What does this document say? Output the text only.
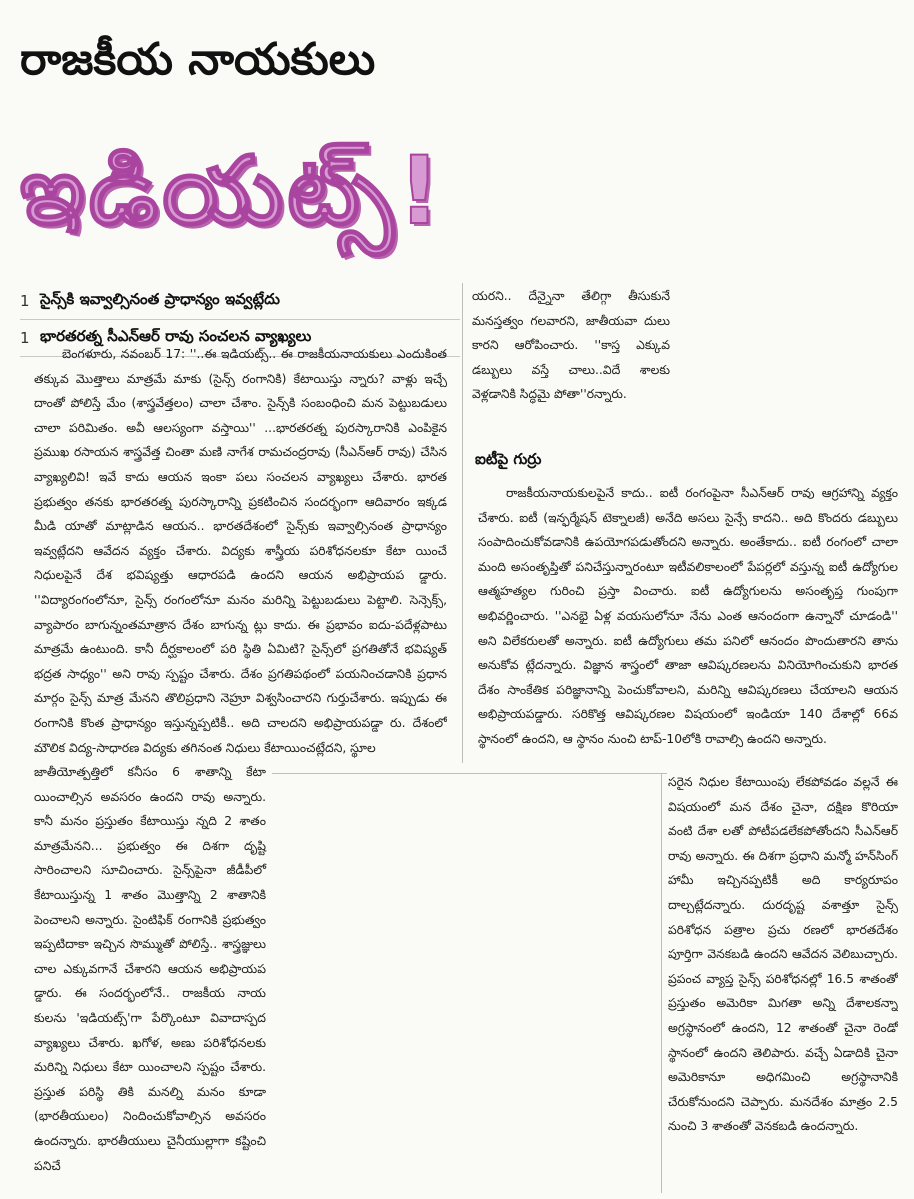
రాజకీయ నాయకులు
ఇడియట్స్!
1 సైన్స్‌కి ఇవ్వాల్సినంత ప్రాధాన్యం ఇవ్వట్లేదు
1 భారతరత్న సీఎన్‌ఆర్ రావు సంచలన వ్యాఖ్యలు

బెంగళూరు, నవంబర్ 17: ''..ఈ ఇడియట్స్.. ఈ రాజకీయనాయకులు ఎందుకింత తక్కువ మొత్తాలు మాత్రమే మాకు (సైన్స్ రంగానికి) కేటాయిస్తు న్నారు? వాళ్లు ఇచ్చే దాంతో పోలిస్తే మేం (శాస్త్రవేత్తలం) చాలా చేశాం. సైన్స్‌కి సంబంధించి మన పెట్టుబడులు చాలా పరిమితం. అవీ ఆలస్యంగా వస్తాయి'' ...భారతరత్న పురస్కారానికి ఎంపికైన ప్రముఖ రసాయన శాస్త్రవేత్త చింతా మణి నాగేశ రామచంద్రరావు (సీఎన్‌ఆర్ రావు) చేసిన వ్యాఖ్యలివి! ఇవే కాదు ఆయన ఇంకా పలు సంచలన వ్యాఖ్యలు చేశారు. భారత ప్రభుత్వం తనకు భారతరత్న పురస్కారాన్ని ప్రకటించిన సందర్భంగా ఆదివారం ఇక్కడ మీడి యాతో మాట్లాడిన ఆయన.. భారతదేశంలో సైన్స్‌కు ఇవ్వాల్సినంత ప్రాధాన్యం ఇవ్వట్లేదని ఆవేదన వ్యక్తం చేశారు. విద్యకు శాస్త్రీయ పరిశోధనలకూ కేటా యించే నిధులపైనే దేశ భవిష్యత్తు ఆధారపడి ఉందని ఆయన అభిప్రాయప డ్డారు. ''విద్యారంగంలోనూ, సైన్స్ రంగంలోనూ మనం మరిన్ని పెట్టుబడులు పెట్టాలి. సెన్సెక్స్, వ్యాపారం బాగున్నంతమాత్రాన దేశం బాగున్న ట్లు కాదు. ఈ ప్రభావం ఐదు-పదేళ్లపాటు మాత్రమే ఉంటుంది. కానీ దీర్ఘకాలంలో పరి స్థితి ఏమిటి? సైన్స్‌లో ప్రగతితోనే భవిష్యత్ భద్రత సాధ్యం'' అని రావు స్పష్టం చేశారు. దేశం ప్రగతిపథంలో పయనించడానికి ప్రధాన మార్గం సైన్స్ మాత్ర మేనని తొలిప్రధాని నెహ్రూ విశ్వసించారని గుర్తుచేశారు. ఇప్పుడు ఈ రంగానికి కొంత ప్రాధాన్యం ఇస్తున్నప్పటికీ.. అది చాలదని అభిప్రాయపడ్డా రు. దేశంలో మౌలిక విద్య-సాధారణ విద్యకు తగినంత నిధులు కేటాయించట్లేదని, స్థూల

జాతీయోత్పత్తిలో కనీసం 6 శాతాన్ని కేటా యించాల్సిన అవసరం ఉందని రావు అన్నారు. కానీ మనం ప్రస్తుతం కేటాయిస్తు న్నది 2 శాతం మాత్రమేనని... ప్రభుత్వం ఈ దిశగా దృష్టి సారించాలని సూచించారు. సైన్స్‌పైనా జీడీపీలో కేటాయిస్తున్న 1 శాతం మొత్తాన్ని 2 శాతానికి పెంచాలని అన్నారు. సైంటిఫిక్ రంగానికి ప్రభుత్వం ఇప్పటిదాకా ఇచ్చిన సొమ్ముతో పోలిస్తే.. శాస్త్రజ్ఞులు చాల ఎక్కువగానే చేశారని ఆయన అభిప్రాయప డ్డారు. ఈ సందర్భంలోనే.. రాజకీయ నాయ కులను 'ఇడియట్స్'గా పేర్కొంటూ వివాదాస్పద వ్యాఖ్యలు చేశారు. ఖగోళ, అణు పరిశోధనలకు మరిన్ని నిధులు కేటా యించాలని స్పష్టం చేశారు. ప్రస్తుత పరిస్థి తికి మనల్ని మనం కూడా (భారతీయులం) నిందించుకోవాల్సిన అవసరం ఉందన్నారు. భారతీయులు చైనీయుల్లాగా కష్టించి పనిచే

యరని.. దేన్నైనా తేలిగ్గా తీసుకునే మనస్తత్వం గలవారని, జాతీయవా దులు కారని ఆరోపించారు. ''కాస్త ఎక్కువ డబ్బులు వస్తే చాలు..విదే శాలకు వెళ్లడానికి సిద్ధమై పోతా''రన్నారు.

ఐటీపై గుర్రు

రాజకీయనాయకులపైనే కాదు.. ఐటీ రంగంపైనా సీఎన్‌ఆర్ రావు ఆగ్రహాన్ని వ్యక్తం చేశారు. ఐటీ (ఇన్ఫర్మేషన్ టెక్నాలజీ) అనేది అసలు సైన్సే కాదని.. అది కొందరు డబ్బులు సంపాదించుకోవడానికి ఉపయోగపడుతోందని అన్నారు. అంతేకాదు.. ఐటీ రంగంలో చాలా మంది అసంతృప్తితో పనిచేస్తున్నారంటూ ఇటీవలికాలంలో పేపర్లలో వస్తున్న ఐటీ ఉద్యోగుల ఆత్మహత్యల గురించి ప్రస్తా వించారు. ఐటీ ఉద్యోగులను అసంతృప్త గుంపుగా అభివర్ణించారు. ''ఎనభై ఏళ్ల వయసులోనూ నేను ఎంత ఆనందంగా ఉన్నానో చూడండి'' అని విలేకరులతో అన్నారు. ఐటీ ఉద్యోగులు తమ పనిలో ఆనందం పొందుతారని తాను అనుకోవ ట్లేదన్నారు. విజ్ఞాన శాస్త్రంలో తాజా ఆవిష్కరణలను వినియోగించుకుని భారత దేశం సాంకేతిక పరిజ్ఞానాన్ని పెంచుకోవాలని, మరిన్ని ఆవిష్కరణలు చేయాలని ఆయన అభిప్రాయపడ్డారు. సరికొత్త ఆవిష్కరణల విషయంలో ఇండియా 140 దేశాల్లో 66వ స్థానంలో ఉందని, ఆ స్థానం నుంచి టాప్-10లోకి రావాల్సి ఉందని అన్నారు.

సరైన నిధుల కేటాయింపు లేకపోవడం వల్లనే ఈ విషయంలో మన దేశం చైనా, దక్షిణ కొరియా వంటి దేశా లతో పోటీపడలేకపోతోందని సీఎన్‌ఆర్ రావు అన్నారు. ఈ దిశగా ప్రధాని మన్మో హన్‌సింగ్ హామీ ఇచ్చినప్పటికీ అది కార్యరూపం దాల్చట్లేదన్నారు. దురదృష్ట వశాత్తూ సైన్స్ పరిశోధన పత్రాల ప్రచు రణలో భారతదేశం పూర్తిగా వెనకబడి ఉందని ఆవేదన వెలిబుచ్చారు. ప్రపంచ వ్యాప్త సైన్స్ పరిశోధనల్లో 16.5 శాతంతో ప్రస్తుతం అమెరికా మిగతా అన్ని దేశాలకన్నా అగ్రస్థానంలో ఉందని, 12 శాతంతో చైనా రెండో స్థానంలో ఉందని తెలిపారు. వచ్చే ఏడాదికి చైనా అమెరికానూ అధిగమించి అగ్రస్థానానికి చేరుకోనుందని చెప్పారు. మనదేశం మాత్రం 2.5 నుంచి 3 శాతంతో వెనకబడి ఉందన్నారు.
